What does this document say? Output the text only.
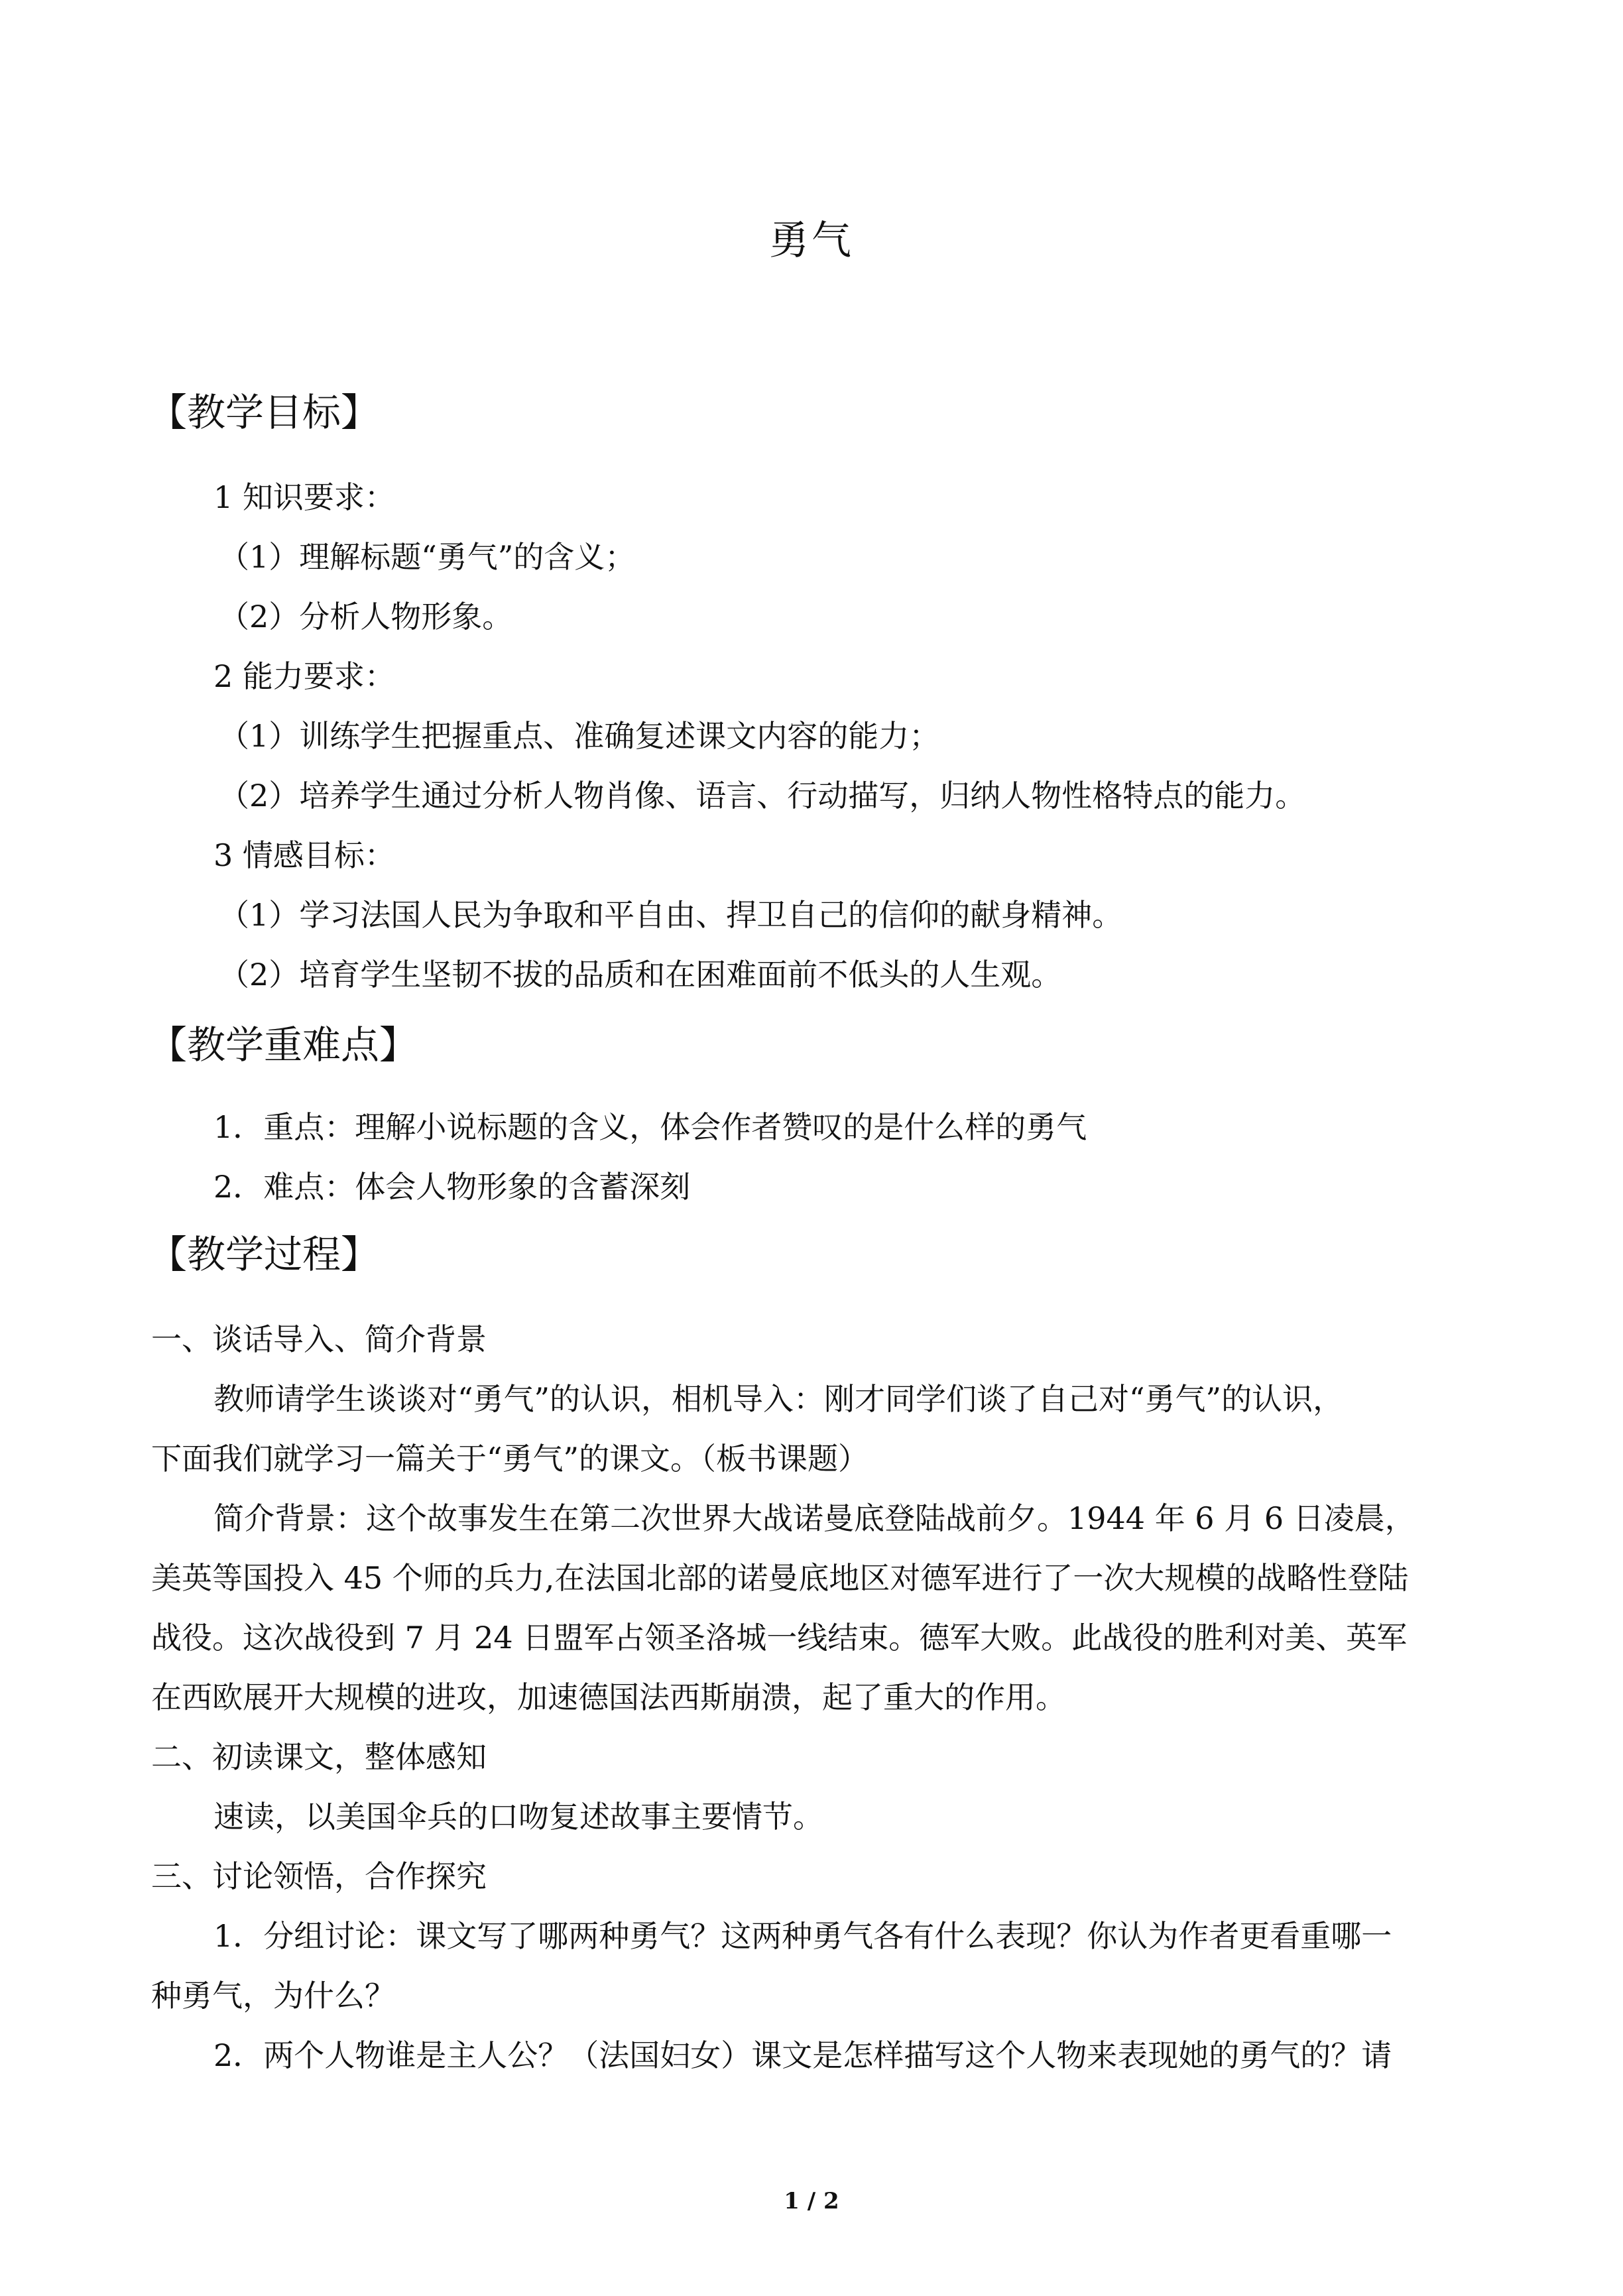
勇气
【教学目标】
1 知识要求：
（1）理解标题“勇气”的含义；
（2）分析人物形象。
2 能力要求：
（1）训练学生把握重点、准确复述课文内容的能力；
（2）培养学生通过分析人物肖像、语言、行动描写，归纳人物性格特点的能力。
3 情感目标：
（1）学习法国人民为争取和平自由、捍卫自己的信仰的献身精神。
（2）培育学生坚韧不拔的品质和在困难面前不低头的人生观。
【教学重难点】
1．重点：理解小说标题的含义，体会作者赞叹的是什么样的勇气
2．难点：体会人物形象的含蓄深刻
【教学过程】
一、谈话导入、简介背景
教师请学生谈谈对“勇气”的认识，相机导入：刚才同学们谈了自己对“勇气”的认识，
下面我们就学习一篇关于“勇气”的课文。（板书课题）
简介背景：这个故事发生在第二次世界大战诺曼底登陆战前夕。1944 年 6 月 6 日凌晨，
美英等国投入 45 个师的兵力,在法国北部的诺曼底地区对德军进行了一次大规模的战略性登陆
战役。这次战役到 7 月 24 日盟军占领圣洛城一线结束。德军大败。此战役的胜利对美、英军
在西欧展开大规模的进攻，加速德国法西斯崩溃，起了重大的作用。
二、初读课文，整体感知
速读，以美国伞兵的口吻复述故事主要情节。
三、讨论领悟，合作探究
1．分组讨论：课文写了哪两种勇气？这两种勇气各有什么表现？你认为作者更看重哪一
种勇气，为什么？
2．两个人物谁是主人公？（法国妇女）课文是怎样描写这个人物来表现她的勇气的？请
1 / 2
